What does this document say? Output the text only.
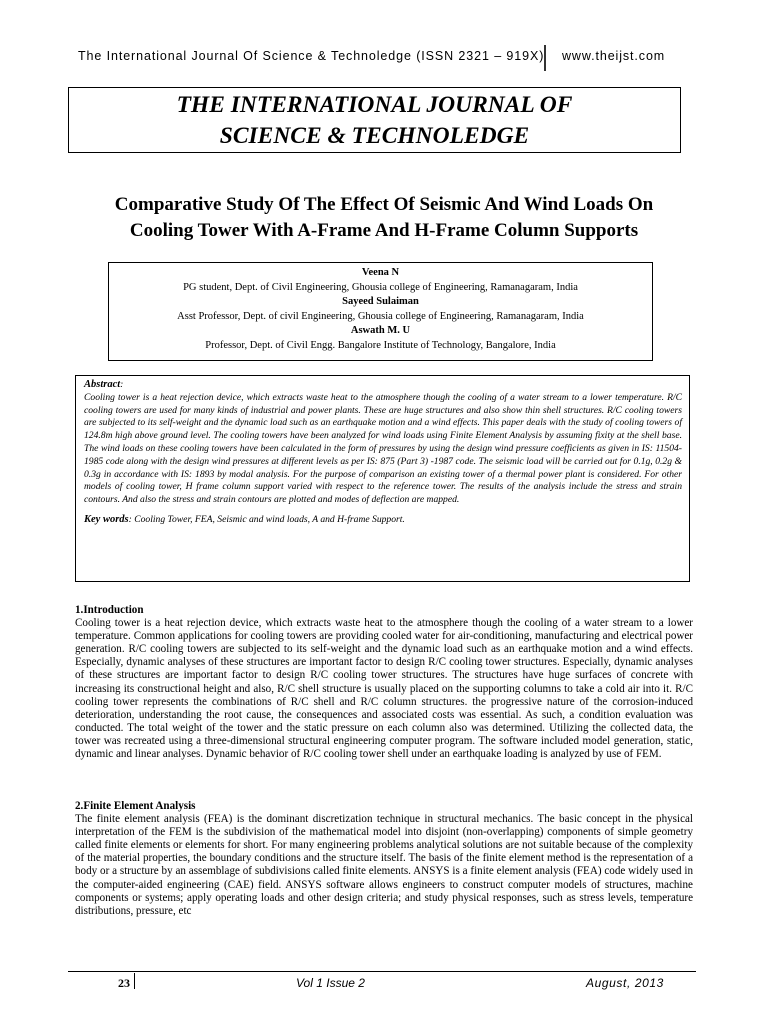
The International Journal Of Science & Technoledge (ISSN 2321 – 919X) www.theijst.com
THE INTERNATIONAL JOURNAL OF
SCIENCE & TECHNOLEDGE
Comparative Study Of The Effect Of Seismic And Wind Loads On
Cooling Tower With A-Frame And H-Frame Column Supports
Veena N
PG student, Dept. of Civil Engineering, Ghousia college of Engineering, Ramanagaram, India
Sayeed Sulaiman
Asst Professor, Dept. of civil Engineering, Ghousia college of Engineering, Ramanagaram, India
Aswath M. U
Professor, Dept. of Civil Engg. Bangalore Institute of Technology, Bangalore, India
Abstract:
Cooling tower is a heat rejection device, which extracts waste heat to the atmosphere though the cooling of a water stream to a lower temperature. R/C cooling towers are used for many kinds of industrial and power plants. These are huge structures and also show thin shell structures. R/C cooling towers are subjected to its self-weight and the dynamic load such as an earthquake motion and a wind effects. This paper deals with the study of cooling towers of 124.8m high above ground level. The cooling towers have been analyzed for wind loads using Finite Element Analysis by assuming fixity at the shell base. The wind loads on these cooling towers have been calculated in the form of pressures by using the design wind pressure coefficients as given in IS: 11504-1985 code along with the design wind pressures at different levels as per IS: 875 (Part 3) -1987 code. The seismic load will be carried out for 0.1g, 0.2g & 0.3g in accordance with IS: 1893 by modal analysis. For the purpose of comparison an existing tower of a thermal power plant is considered. For other models of cooling tower, H frame column support varied with respect to the reference tower. The results of the analysis include the stress and strain contours. And also the stress and strain contours are plotted and modes of deflection are mapped.
Key words: Cooling Tower, FEA, Seismic and wind loads, A and H-frame Support.
1.Introduction

Cooling tower is a heat rejection device, which extracts waste heat to the atmosphere though the cooling of a water stream to a lower temperature. Common applications for cooling towers are providing cooled water for air-conditioning, manufacturing and electrical power generation. R/C cooling towers are subjected to its self-weight and the dynamic load such as an earthquake motion and a wind effects. Especially, dynamic analyses of these structures are important factor to design R/C cooling tower structures. Especially, dynamic analyses of these structures are important factor to design R/C cooling tower structures. The structures have huge surfaces of concrete with increasing its constructional height and also, R/C shell structure is usually placed on the supporting columns to take a cold air into it. R/C cooling tower represents the combinations of R/C shell and R/C column structures. the progressive nature of the corrosion-induced deterioration, understanding the root cause, the consequences and associated costs was essential. As such, a condition evaluation was conducted. The total weight of the tower and the static pressure on each column also was determined. Utilizing the collected data, the tower was recreated using a three-dimensional structural engineering computer program. The software included model generation, static, dynamic and linear analyses. Dynamic behavior of R/C cooling tower shell under an earthquake loading is analyzed by use of FEM.

2.Finite Element Analysis

The finite element analysis (FEA) is the dominant discretization technique in structural mechanics. The basic concept in the physical interpretation of the FEM is the subdivision of the mathematical model into disjoint (non-overlapping) components of simple geometry called finite elements or elements for short. For many engineering problems analytical solutions are not suitable because of the complexity of the material properties, the boundary conditions and the structure itself. The basis of the finite element method is the representation of a body or a structure by an assemblage of subdivisions called finite elements. ANSYS is a finite element analysis (FEA) code widely used in the computer-aided engineering (CAE) field. ANSYS software allows engineers to construct computer models of structures, machine components or systems; apply operating loads and other design criteria; and study physical responses, such as stress levels, temperature distributions, pressure, etc

23	Vol 1 Issue 2	August, 2013
